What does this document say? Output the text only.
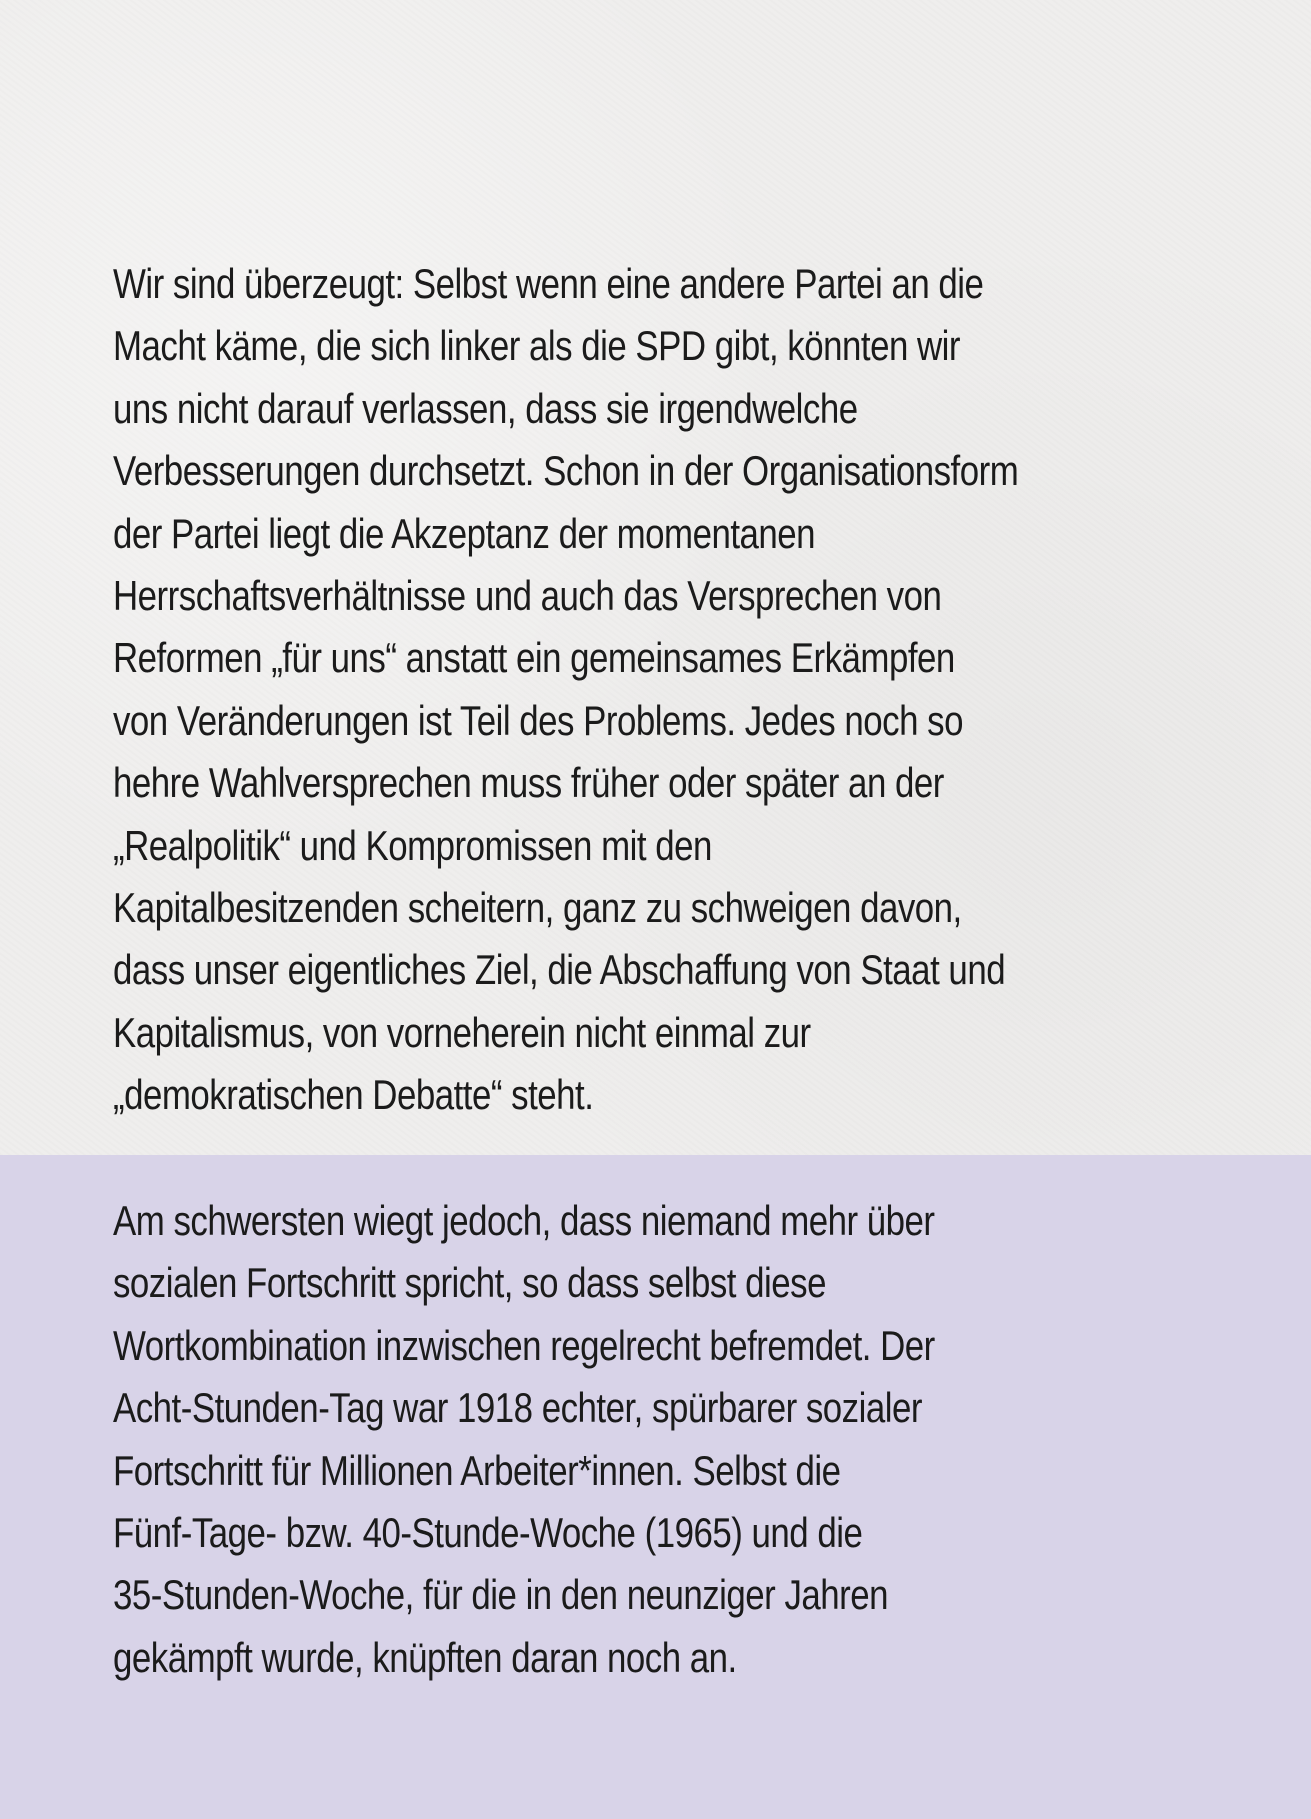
Wir sind überzeugt: Selbst wenn eine andere Partei an die
Macht käme, die sich linker als die SPD gibt, könnten wir
uns nicht darauf verlassen, dass sie irgendwelche
Verbesserungen durchsetzt. Schon in der Organisationsform
der Partei liegt die Akzeptanz der momentanen
Herrschaftsverhältnisse und auch das Versprechen von
Reformen „für uns“ anstatt ein gemeinsames Erkämpfen
von Veränderungen ist Teil des Problems. Jedes noch so
hehre Wahlversprechen muss früher oder später an der
„Realpolitik“ und Kompromissen mit den
Kapitalbesitzenden scheitern, ganz zu schweigen davon,
dass unser eigentliches Ziel, die Abschaffung von Staat und
Kapitalismus, von vorneherein nicht einmal zur
„demokratischen Debatte“ steht.

Am schwersten wiegt jedoch, dass niemand mehr über
sozialen Fortschritt spricht, so dass selbst diese
Wortkombination inzwischen regelrecht befremdet. Der
Acht-Stunden-Tag war 1918 echter, spürbarer sozialer
Fortschritt für Millionen Arbeiter*innen. Selbst die
Fünf-Tage- bzw. 40-Stunde-Woche (1965) und die
35-Stunden-Woche, für die in den neunziger Jahren
gekämpft wurde, knüpften daran noch an.
